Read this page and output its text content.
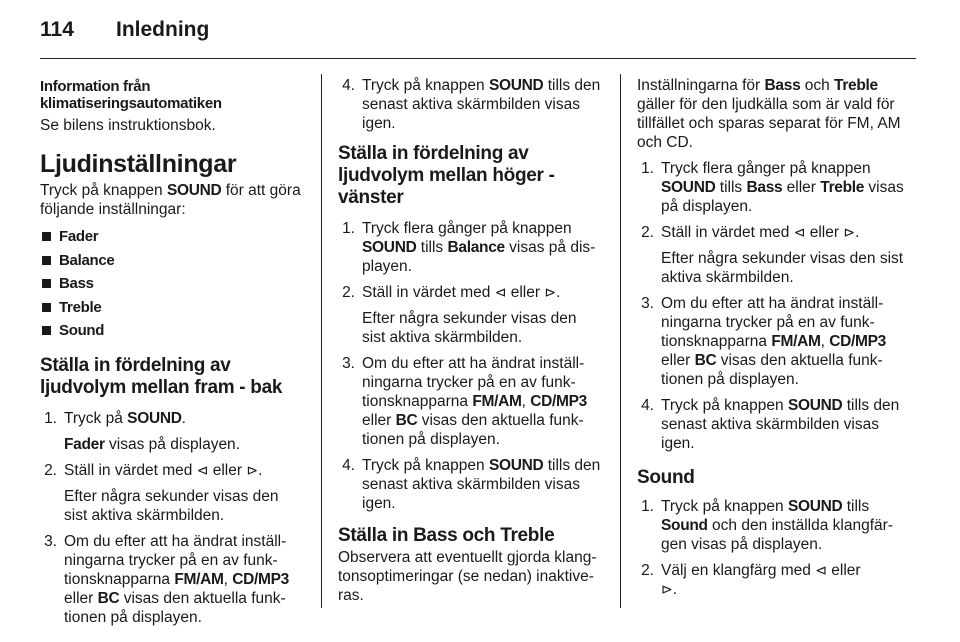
114	Inledning
Information från
klimatiseringsautomatiken

Se bilens instruktionsbok.

Ljudinställningar

Tryck på knappen SOUND för att göra följande inställningar:

Fader
Balance
Bass
Treble
Sound
Ställa in fördelning av ljudvolym mellan fram - bak
1. Tryck på SOUND.

Fader visas på displayen.

2. Ställ in värdet med ⊲ eller ⊳.

Efter några sekunder visas den sist aktiva skärmbilden.

3. Om du efter att ha ändrat inställ-ningarna trycker på en av funk-tionsknapparna FM/AM, CD/MP3 eller BC visas den aktuella funk-tionen på displayen.
4. Tryck på knappen SOUND tills den senast aktiva skärmbilden visas igen.
Ställa in fördelning av ljudvolym mellan höger - vänster
1. Tryck flera gånger på knappen SOUND tills Balance visas på dis-playen.
2. Ställ in värdet med ⊲ eller ⊳.

Efter några sekunder visas den sist aktiva skärmbilden.

3. Om du efter att ha ändrat inställ-ningarna trycker på en av funk-tionsknapparna FM/AM, CD/MP3 eller BC visas den aktuella funk-tionen på displayen.
4. Tryck på knappen SOUND tills den senast aktiva skärmbilden visas igen.
Ställa in Bass och Treble

Observera att eventuellt gjorda klang-tonsoptimeringar (se nedan) inaktive-ras.

Inställningarna för Bass och Treble gäller för den ljudkälla som är vald för tillfället och sparas separat för FM, AM och CD.

1. Tryck flera gånger på knappen SOUND tills Bass eller Treble visas på displayen.
2. Ställ in värdet med ⊲ eller ⊳.

Efter några sekunder visas den sist aktiva skärmbilden.

3. Om du efter att ha ändrat inställ-ningarna trycker på en av funk-tionsknapparna FM/AM, CD/MP3 eller BC visas den aktuella funk-tionen på displayen.
4. Tryck på knappen SOUND tills den senast aktiva skärmbilden visas igen.
Sound
1. Tryck på knappen SOUND tills Sound och den inställda klangfär-gen visas på displayen.
2. Välj en klangfärg med ⊲ eller
⊳.
